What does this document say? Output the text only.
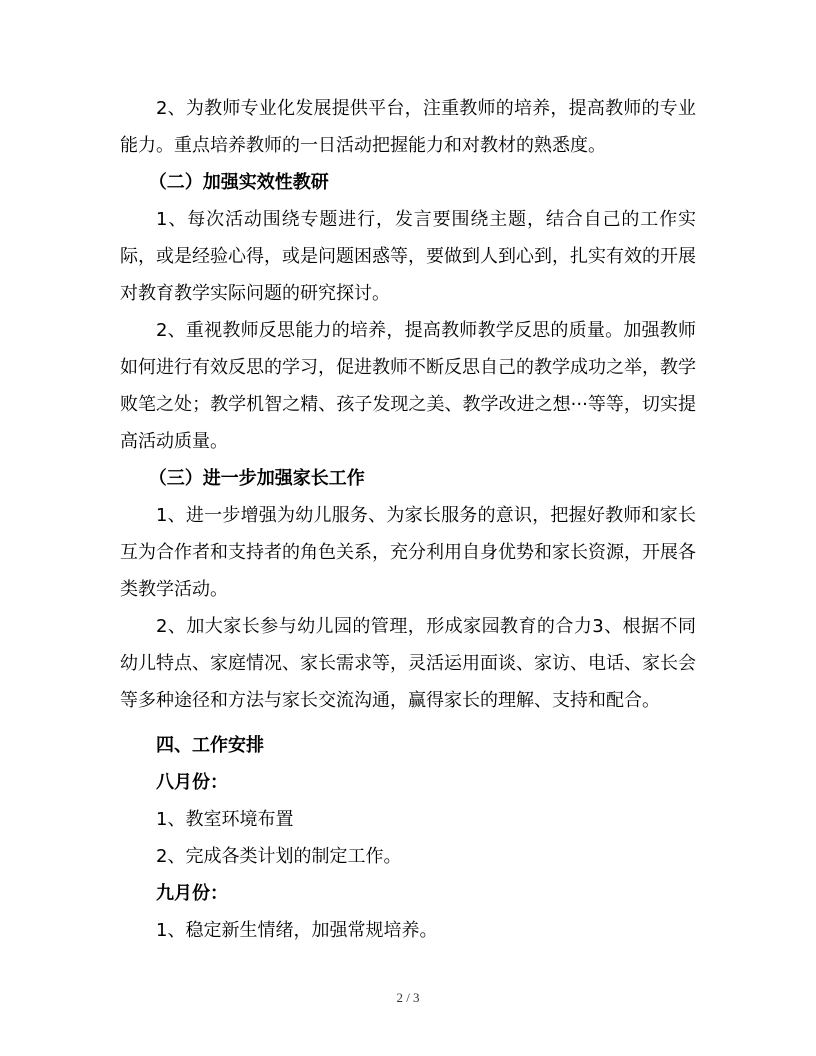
2、为教师专业化发展提供平台，注重教师的培养，提高教师的专业能力。重点培养教师的一日活动把握能力和对教材的熟悉度。

（二）加强实效性教研

1、每次活动围绕专题进行，发言要围绕主题，结合自己的工作实际，或是经验心得，或是问题困惑等，要做到人到心到，扎实有效的开展对教育教学实际问题的研究探讨。

2、重视教师反思能力的培养，提高教师教学反思的质量。加强教师如何进行有效反思的学习，促进教师不断反思自己的教学成功之举，教学败笔之处；教学机智之精、孩子发现之美、教学改进之想···等等，切实提高活动质量。

（三）进一步加强家长工作

1、进一步增强为幼儿服务、为家长服务的意识，把握好教师和家长互为合作者和支持者的角色关系，充分利用自身优势和家长资源，开展各类教学活动。

2、加大家长参与幼儿园的管理，形成家园教育的合力3、根据不同幼儿特点、家庭情况、家长需求等，灵活运用面谈、家访、电话、家长会等多种途径和方法与家长交流沟通，赢得家长的理解、支持和配合。

四、工作安排

八月份：

1、教室环境布置

2、完成各类计划的制定工作。

九月份：

1、稳定新生情绪，加强常规培养。

2 / 3
